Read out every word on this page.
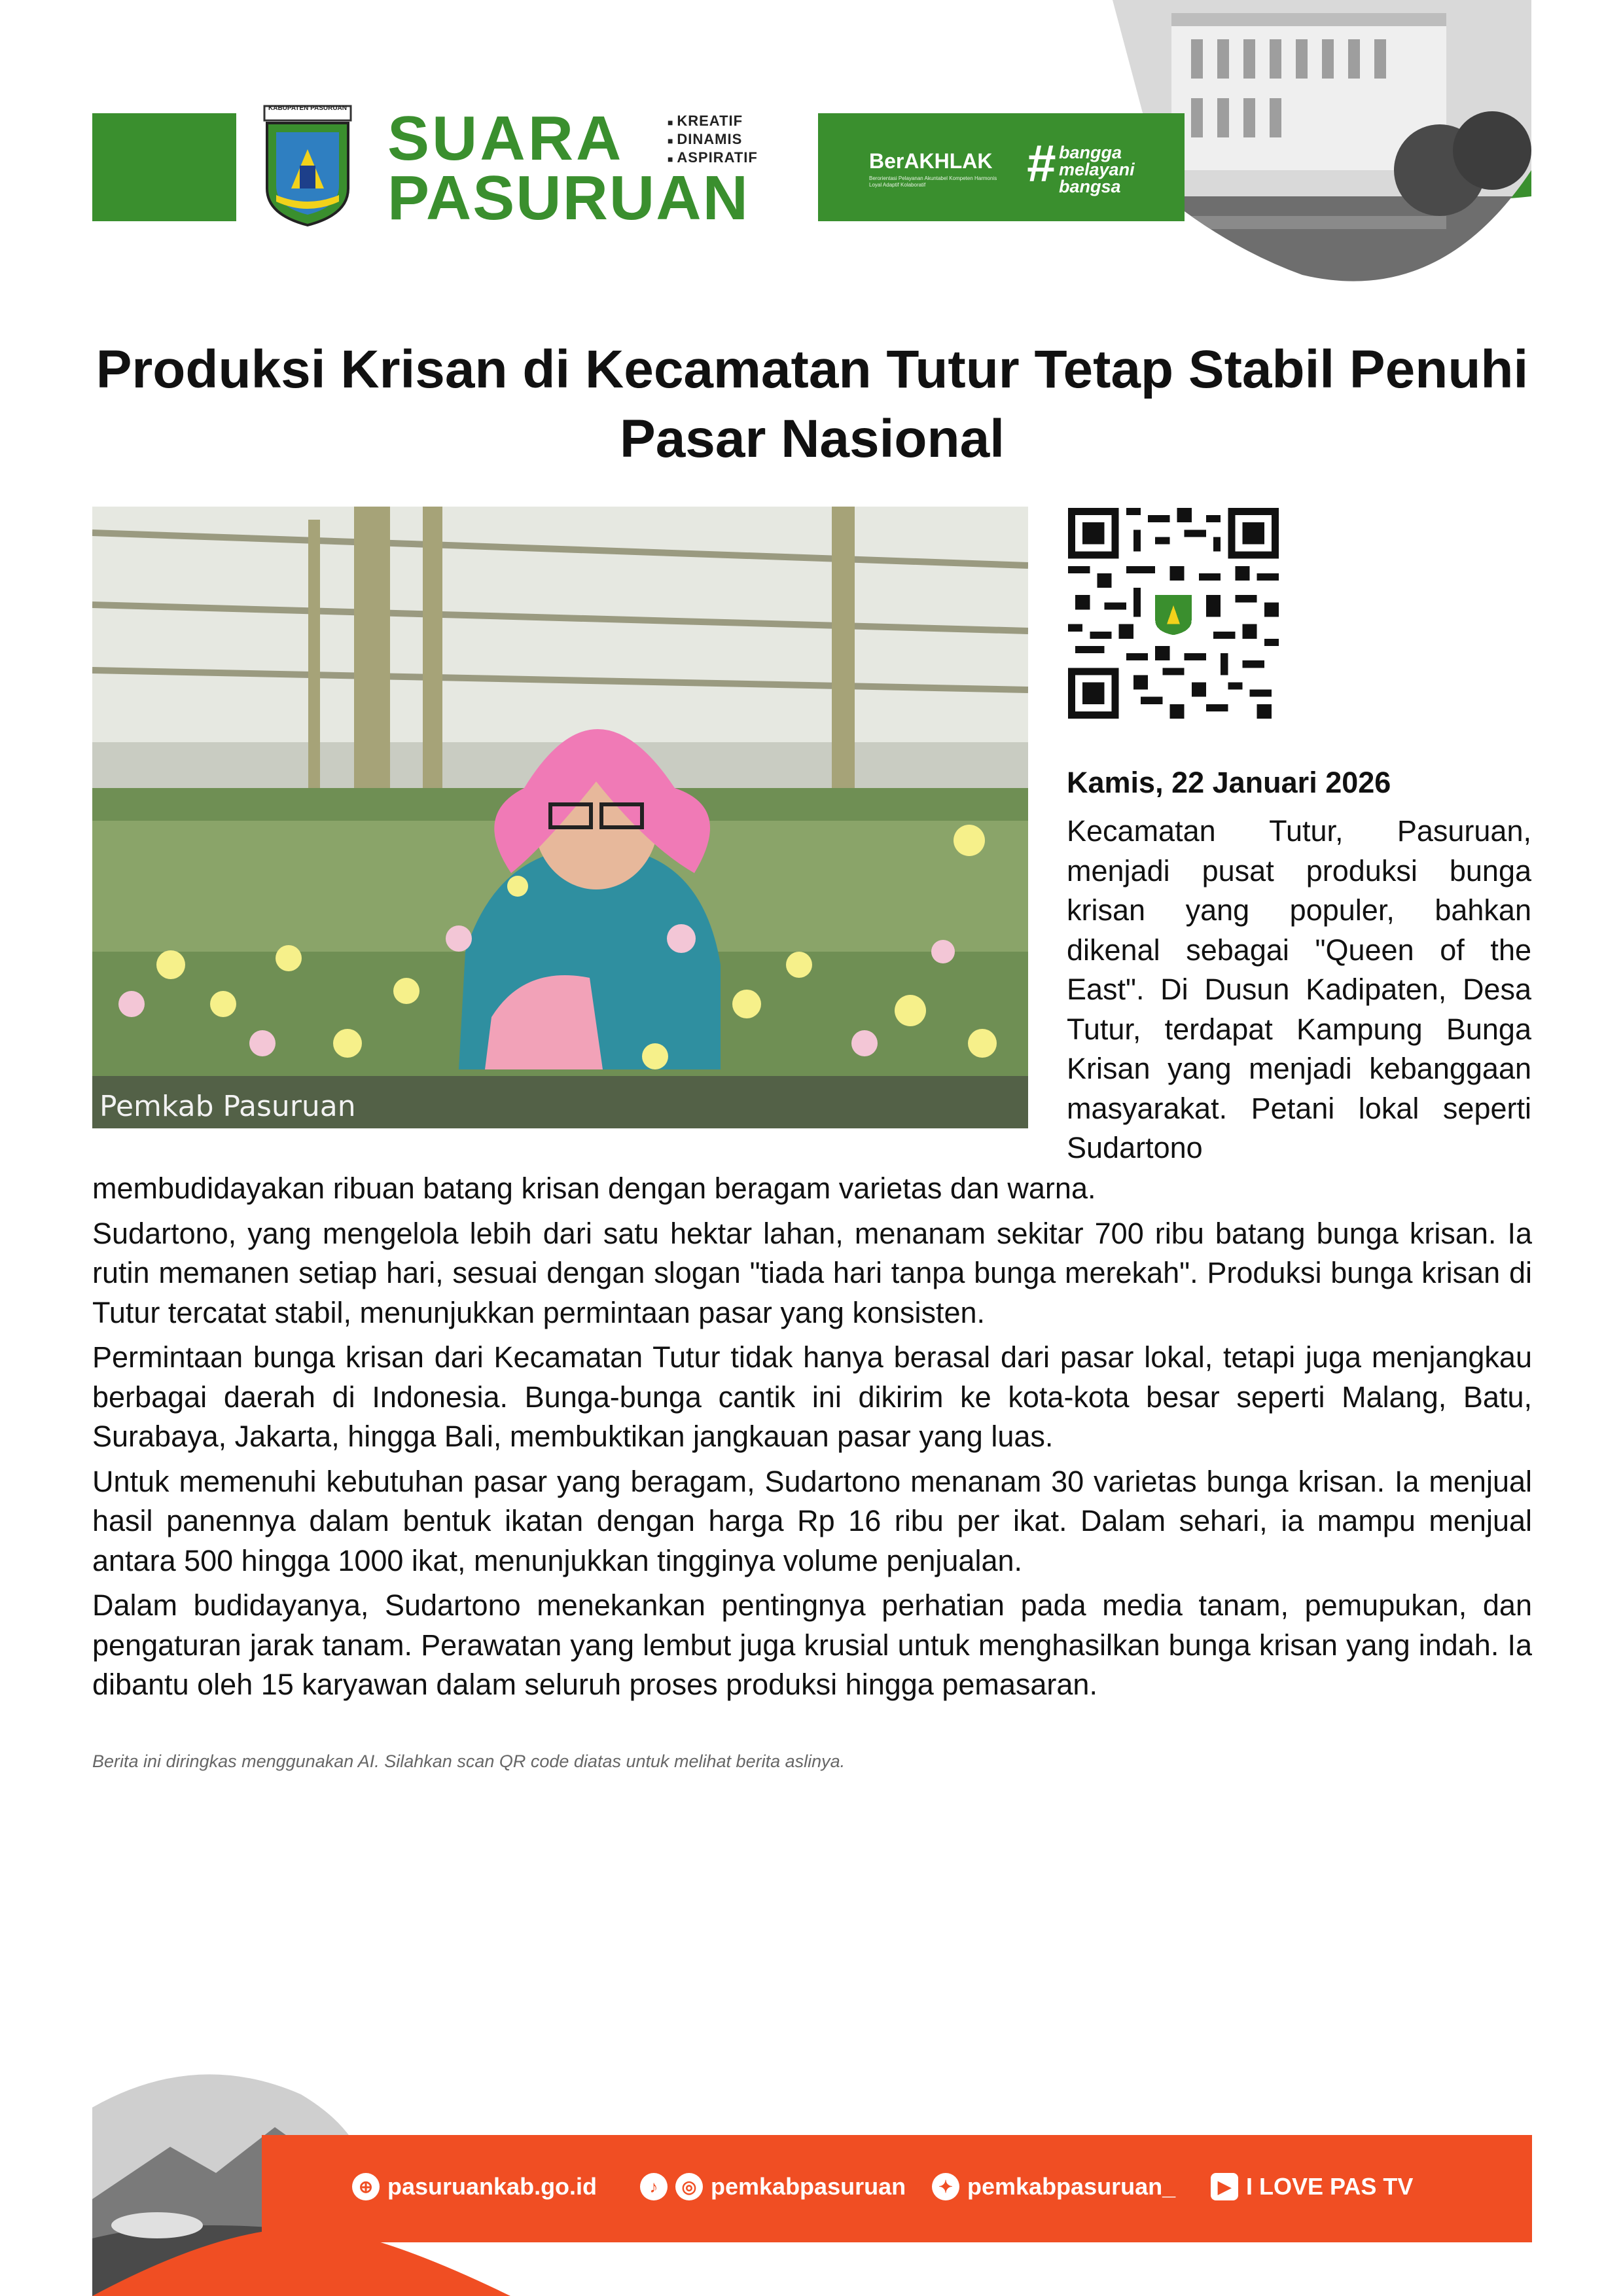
KABUPATEN PASURUAN SUARA
PASURUAN
■ KREATIF
■ DINAMIS
■ ASPIRATIF	BerAKHLAK
Berorientasi Pelayanan Akuntabel Kompeten Harmonis Loyal Adaptif Kolaboratif	# bangga
melayani
bangsa
Produksi Krisan di Kecamatan Tutur Tetap Stabil Penuhi Pasar Nasional
Pemkab Pasuruan
Kamis, 22 Januari 2026
Kecamatan Tutur, Pasuruan, menjadi pusat produksi bunga krisan yang populer, bahkan dikenal sebagai "Queen of the East". Di Dusun Kadipaten, Desa Tutur, terdapat Kampung Bunga Krisan yang menjadi kebanggaan masyarakat. Petani lokal seperti Sudartono

membudidayakan ribuan batang krisan dengan beragam varietas dan warna.

Sudartono, yang mengelola lebih dari satu hektar lahan, menanam sekitar 700 ribu batang bunga krisan. Ia rutin memanen setiap hari, sesuai dengan slogan "tiada hari tanpa bunga merekah". Produksi bunga krisan di Tutur tercatat stabil, menunjukkan permintaan pasar yang konsisten.

Permintaan bunga krisan dari Kecamatan Tutur tidak hanya berasal dari pasar lokal, tetapi juga menjangkau berbagai daerah di Indonesia. Bunga-bunga cantik ini dikirim ke kota-kota besar seperti Malang, Batu, Surabaya, Jakarta, hingga Bali, membuktikan jangkauan pasar yang luas.

Untuk memenuhi kebutuhan pasar yang beragam, Sudartono menanam 30 varietas bunga krisan. Ia menjual hasil panennya dalam bentuk ikatan dengan harga Rp 16 ribu per ikat. Dalam sehari, ia mampu menjual antara 500 hingga 1000 ikat, menunjukkan tingginya volume penjualan.

Dalam budidayanya, Sudartono menekankan pentingnya perhatian pada media tanam, pemupukan, dan pengaturan jarak tanam. Perawatan yang lembut juga krusial untuk menghasilkan bunga krisan yang indah. Ia dibantu oleh 15 karyawan dalam seluruh proses produksi hingga pemasaran.

Berita ini diringkas menggunakan AI. Silahkan scan QR code diatas untuk melihat berita aslinya.
⊕ pasuruankab.go.id	♪	◎ pemkabpasuruan	✦ pemkabpasuruan_	▶ I LOVE PAS TV
